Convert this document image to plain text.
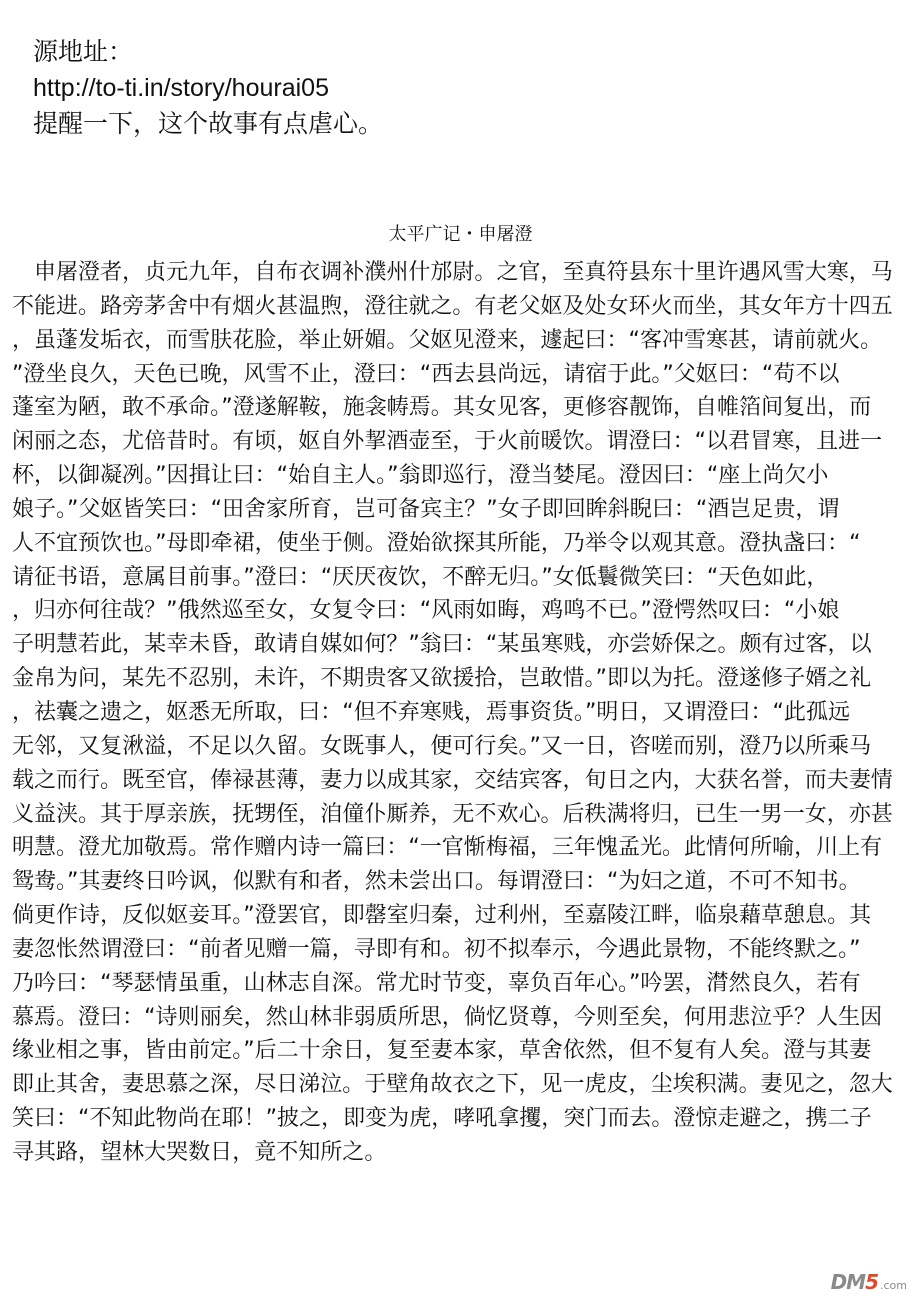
源地址：
http://to-ti.in/story/hourai05
提醒一下，这个故事有点虐心。
太平广记・申屠澄
　申屠澄者，贞元九年，自布衣调补濮州什邡尉。之官，至真符县东十里许遇风雪大寒，马
不能进。路旁茅舍中有烟火甚温煦，澄往就之。有老父妪及处女环火而坐，其女年方十四五
，虽蓬发垢衣，而雪肤花脸，举止妍媚。父妪见澄来，遽起曰：“客冲雪寒甚，请前就火。
”澄坐良久，天色已晚，风雪不止，澄曰：“西去县尚远，请宿于此。”父妪曰：“苟不以
蓬室为陋，敢不承命。”澄遂解鞍，施衾帱焉。其女见客，更修容靓饰，自帷箔间复出，而
闲丽之态，尤倍昔时。有顷，妪自外挈酒壶至，于火前暖饮。谓澄曰：“以君冒寒，且进一
杯，以御凝冽。”因揖让曰：“始自主人。”翁即巡行，澄当婪尾。澄因曰：“座上尚欠小
娘子。”父妪皆笑曰：“田舍家所育，岂可备宾主？”女子即回眸斜睨曰：“酒岂足贵，谓
人不宜预饮也。”母即牵裙，使坐于侧。澄始欲探其所能，乃举令以观其意。澄执盏曰：“
请征书语，意属目前事。”澄曰：“厌厌夜饮，不醉无归。”女低鬟微笑曰：“天色如此，
，归亦何往哉？”俄然巡至女，女复令曰：“风雨如晦，鸡鸣不已。”澄愕然叹曰：“小娘
子明慧若此，某幸未昏，敢请自媒如何？”翁曰：“某虽寒贱，亦尝娇保之。颇有过客，以
金帛为问，某先不忍别，未许，不期贵客又欲援拾，岂敢惜。”即以为托。澄遂修子婿之礼
，祛囊之遗之，妪悉无所取，曰：“但不弃寒贱，焉事资货。”明日，又谓澄曰：“此孤远
无邻，又复湫溢，不足以久留。女既事人，便可行矣。”又一日，咨嗟而别，澄乃以所乘马
载之而行。既至官，俸禄甚薄，妻力以成其家，交结宾客，旬日之内，大获名誉，而夫妻情
义益浃。其于厚亲族，抚甥侄，洎僮仆厮养，无不欢心。后秩满将归，已生一男一女，亦甚
明慧。澄尤加敬焉。常作赠内诗一篇曰：“一官惭梅福，三年愧孟光。此情何所喻，川上有
鸳鸯。”其妻终日吟讽，似默有和者，然未尝出口。每谓澄曰：“为妇之道，不可不知书。
倘更作诗，反似妪妾耳。”澄罢官，即罄室归秦，过利州，至嘉陵江畔，临泉藉草憩息。其
妻忽怅然谓澄曰：“前者见赠一篇，寻即有和。初不拟奉示，今遇此景物，不能终默之。”
乃吟曰：“琴瑟情虽重，山林志自深。常尤时节变，辜负百年心。”吟罢，潸然良久，若有
慕焉。澄曰：“诗则丽矣，然山林非弱质所思，倘忆贤尊，今则至矣，何用悲泣乎？人生因
缘业相之事，皆由前定。”后二十余日，复至妻本家，草舍依然，但不复有人矣。澄与其妻
即止其舍，妻思慕之深，尽日涕泣。于壁角故衣之下，见一虎皮，尘埃积满。妻见之，忽大
笑曰：“不知此物尚在耶！”披之，即变为虎，哮吼拿攫，突门而去。澄惊走避之，携二子
寻其路，望林大哭数日，竟不知所之。
DM5 .com
